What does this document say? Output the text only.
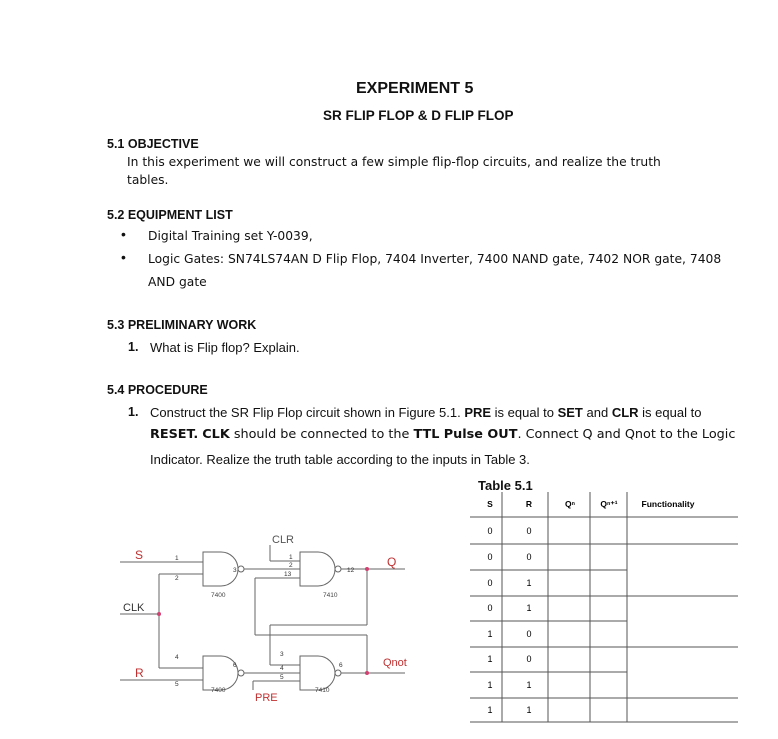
EXPERIMENT 5
SR FLIP FLOP & D FLIP FLOP
5.1 OBJECTIVE
In this experiment we will construct a few simple flip-flop circuits, and realize the truth
tables.
5.2 EQUIPMENT LIST
• Digital Training set Y-0039,
• Logic Gates: SN74LS74AN D Flip Flop, 7404 Inverter, 7400 NAND gate, 7402 NOR gate, 7408
AND gate
5.3 PRELIMINARY WORK
1. What is Flip flop? Explain.
5.4 PROCEDURE
1. Construct the SR Flip Flop circuit shown in Figure 5.1. PRE is equal to SET and CLR is equal to
RESET. CLK should be connected to the TTL Pulse OUT. Connect Q and Qnot to the Logic
Indicator. Realize the truth table according to the inputs in Table 3.
Table 5.1
S	R	Qⁿ	Qⁿ⁺¹	Functionality
0	0
0	0
0	1
0	1
1	0
1	0
1	1
1	1
S
R
CLK
CLR
PRE
Q
Qnot
7400	7410
7400	7410
1
2
3
1
2
13
12
4
5
6
3
4
5
6
